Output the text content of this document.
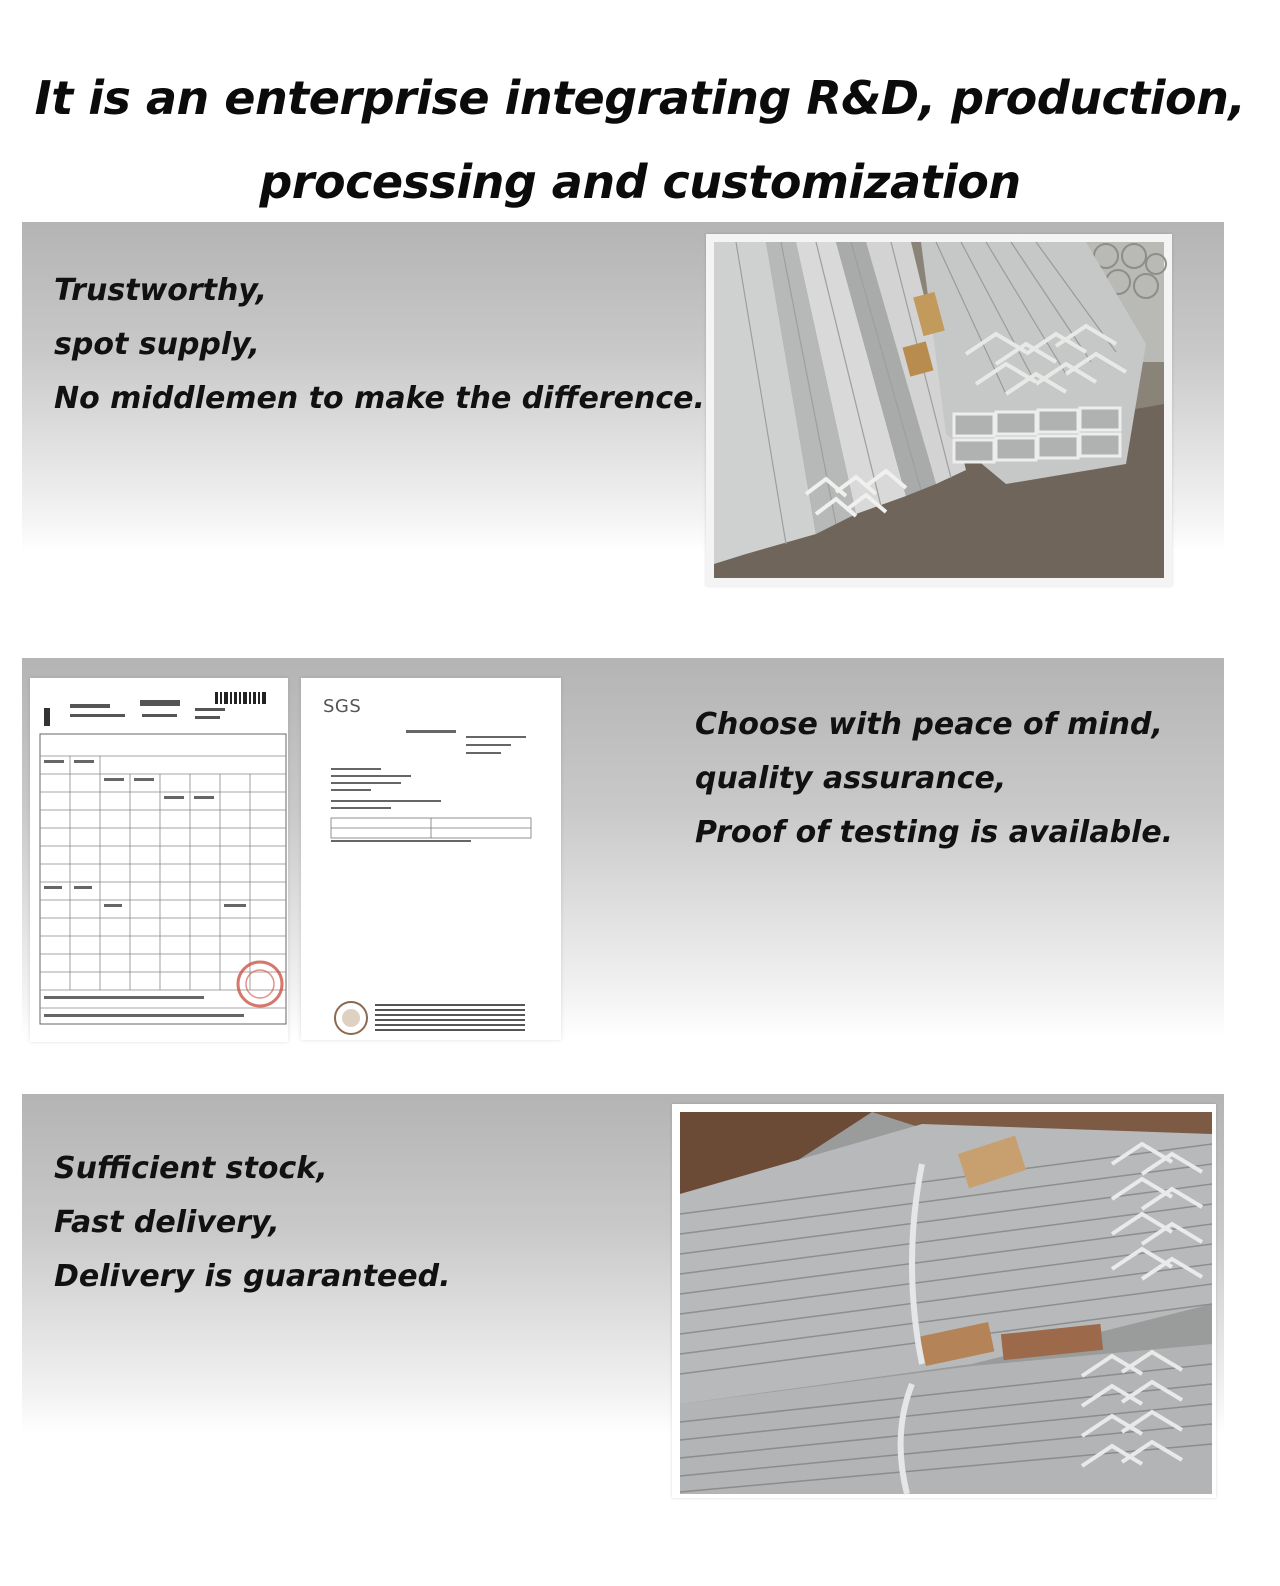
It is an enterprise integrating R&D, production,
processing and customization
Trustworthy,
spot supply,
No middlemen to make the difference.
SGS
Choose with peace of mind,
quality assurance,
Proof of testing is available.
Sufficient stock,
Fast delivery,
Delivery is guaranteed.
